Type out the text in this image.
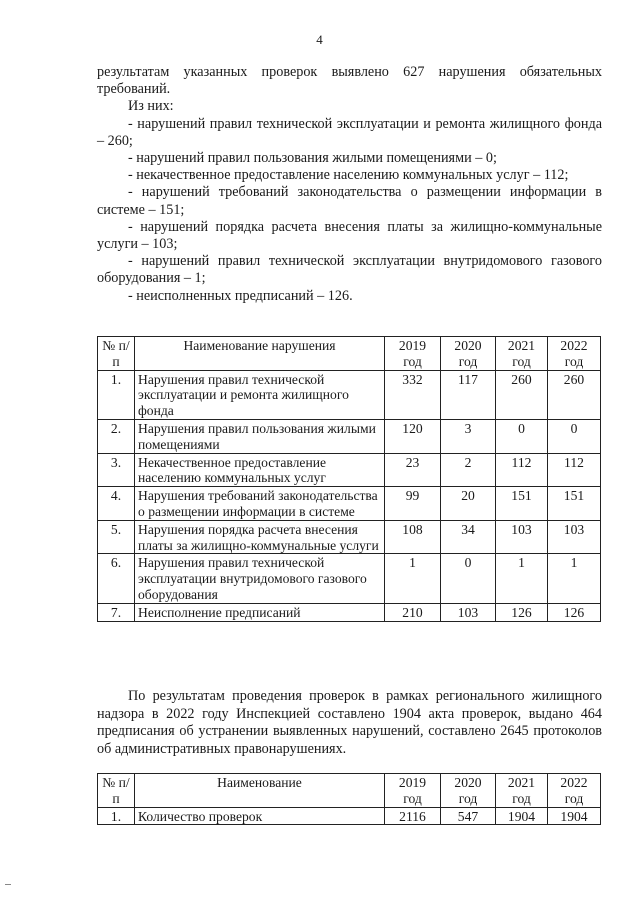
4

результатам указанных проверок выявлено 627 нарушения обязательных требований.

Из них:

- нарушений правил технической эксплуатации и ремонта жилищного фонда – 260;

- нарушений правил пользования жилыми помещениями – 0;

- некачественное предоставление населению коммунальных услуг – 112;

- нарушений требований законодательства о размещении информации в системе – 151;

- нарушений порядка расчета внесения платы за жилищно-коммунальные услуги – 103;

- нарушений правил технической эксплуатации внутридомового газового оборудования – 1;

- неисполненных предписаний – 126.

№ п/п	Наименование нарушения	2019 год	2020 год	2021 год	2022 год
1.	Нарушения правил технической эксплуатации и ремонта жилищного фонда	332	117	260	260
2.	Нарушения правил пользования жилыми помещениями	120	3	0	0
3.	Некачественное предоставление населению коммунальных услуг	23	2	112	112
4.	Нарушения требований законодательства о размещении информации в системе	99	20	151	151
5.	Нарушения порядка расчета внесения платы за жилищно-коммунальные услуги	108	34	103	103
6.	Нарушения правил технической эксплуатации внутридомового газового оборудования	1	0	1	1
7.	Неисполнение предписаний	210	103	126	126

По результатам проведения проверок в рамках регионального жилищного надзора в 2022 году Инспекцией составлено 1904 акта проверок, выдано 464 предписания об устранении выявленных нарушений, составлено 2645 протоколов об административных правонарушениях.

№ п/п	Наименование	2019 год	2020 год	2021 год	2022 год
1.	Количество проверок	2116	547	1904	1904
